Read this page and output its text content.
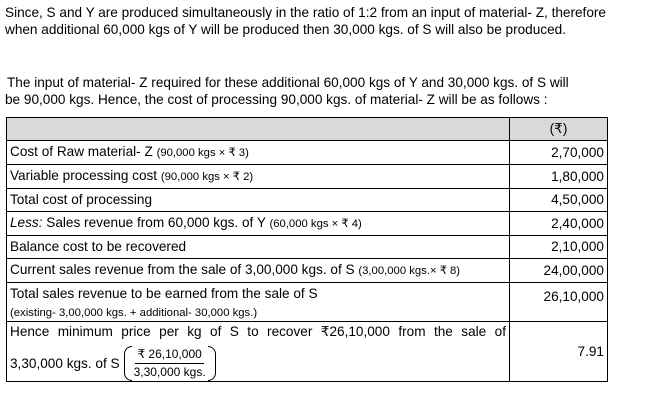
Since, S and Y are produced simultaneously in the ratio of 1:2 from an input of material- Z, therefore when additional 60,000 kgs of Y will be produced then 30,000 kgs. of S will also be produced.
The input of material- Z required for these additional 60,000 kgs of Y and 30,000 kgs. of S will
be 90,000 kgs. Hence, the cost of processing 90,000 kgs. of material- Z will be as follows :
	(₹)
Cost of Raw material- Z (90,000 kgs × ₹ 3)	2,70,000
Variable processing cost (90,000 kgs × ₹ 2)	1,80,000
Total cost of processing	4,50,000
Less: Sales revenue from 60,000 kgs. of Y (60,000 kgs × ₹ 4)	2,40,000
Balance cost to be recovered	2,10,000
Current sales revenue from the sale of 3,00,000 kgs. of S (3,00,000 kgs.× ₹ 8)	24,00,000

Total sales revenue to be earned from the sale of S
(existing- 3,00,000 kgs. + additional- 30,000 kgs.)	26,10,000

Hence minimum price per kg of S to recover ₹26,10,000 from the sale of
3,30,000 kgs. of S $\frac{₹ 26,10,000}{\text{3,30,000 kgs.}}$	7.91
